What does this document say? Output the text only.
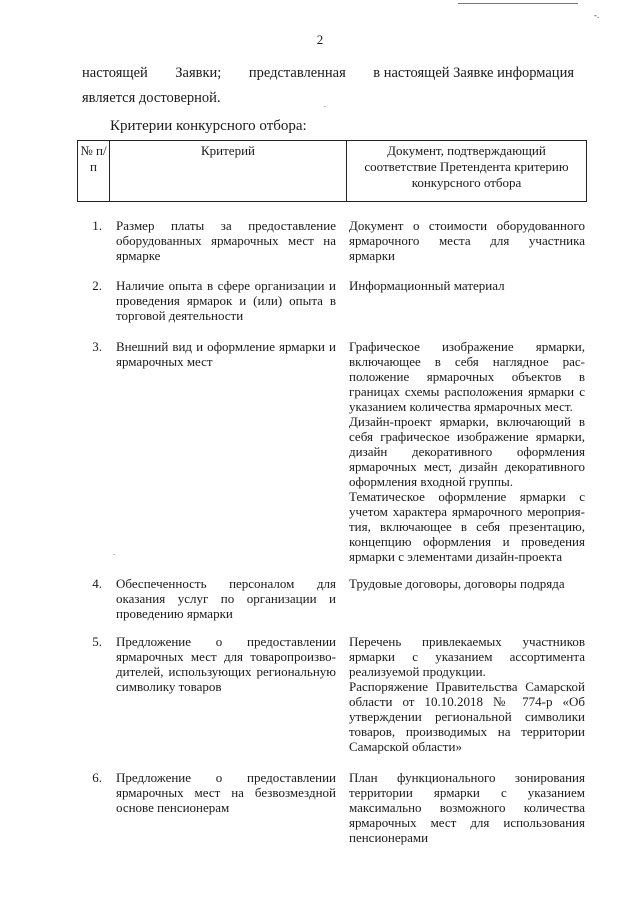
-.
2
настоящей Заявки; представленная в настоящей Заявке информация
является достоверной.
Критерии конкурсного отбора:
№ п/п
Критерий	Документ, подтверждающий соответствие Претендента критерию конкурсного отбора
1. Размер платы за предоставление оборудованных ярмарочных мест на ярмарке

Документ о стоимости оборудованного ярмарочного места для участника ярмарки

2. Наличие опыта в сфере организации и проведения ярмарок и (или) опыта в торговой деятельности

Информационный материал

3. Внешний вид и оформление ярмарки и ярмарочных мест

Графическое изображение ярмарки, включающее в себя наглядное расположение ярмарочных объектов в границах схемы расположения ярмарки с указанием количества ярмарочных мест.

Дизайн-проект ярмарки, включающий в себя графическое изображение ярмарки, дизайн декоративного оформления ярмарочных мест, дизайн декоративного оформления входной группы.

Тематическое оформление ярмарки с учетом характера ярмарочного мероприятия, включающее в себя презентацию, концепцию оформления и проведения ярмарки с элементами дизайн-проекта

4. Обеспеченность персоналом для оказания услуг по организации и проведению ярмарки

Трудовые договоры, договоры подряда

5. Предложение о предоставлении ярмарочных мест для товаропроизводителей, использующих региональную символику товаров

Перечень привлекаемых участников ярмарки с указанием ассортимента реализуемой продукции.

Распоряжение Правительства Самарской области от 10.10.2018 № 774-р «Об утверждении региональной символики товаров, производимых на территории Самарской области»

6. Предложение о предоставлении ярмарочных мест на безвозмездной основе пенсионерам

План функционального зонирования территории ярмарки с указанием максимально возможного количества ярмарочных мест для использования пенсионерами

.
.
